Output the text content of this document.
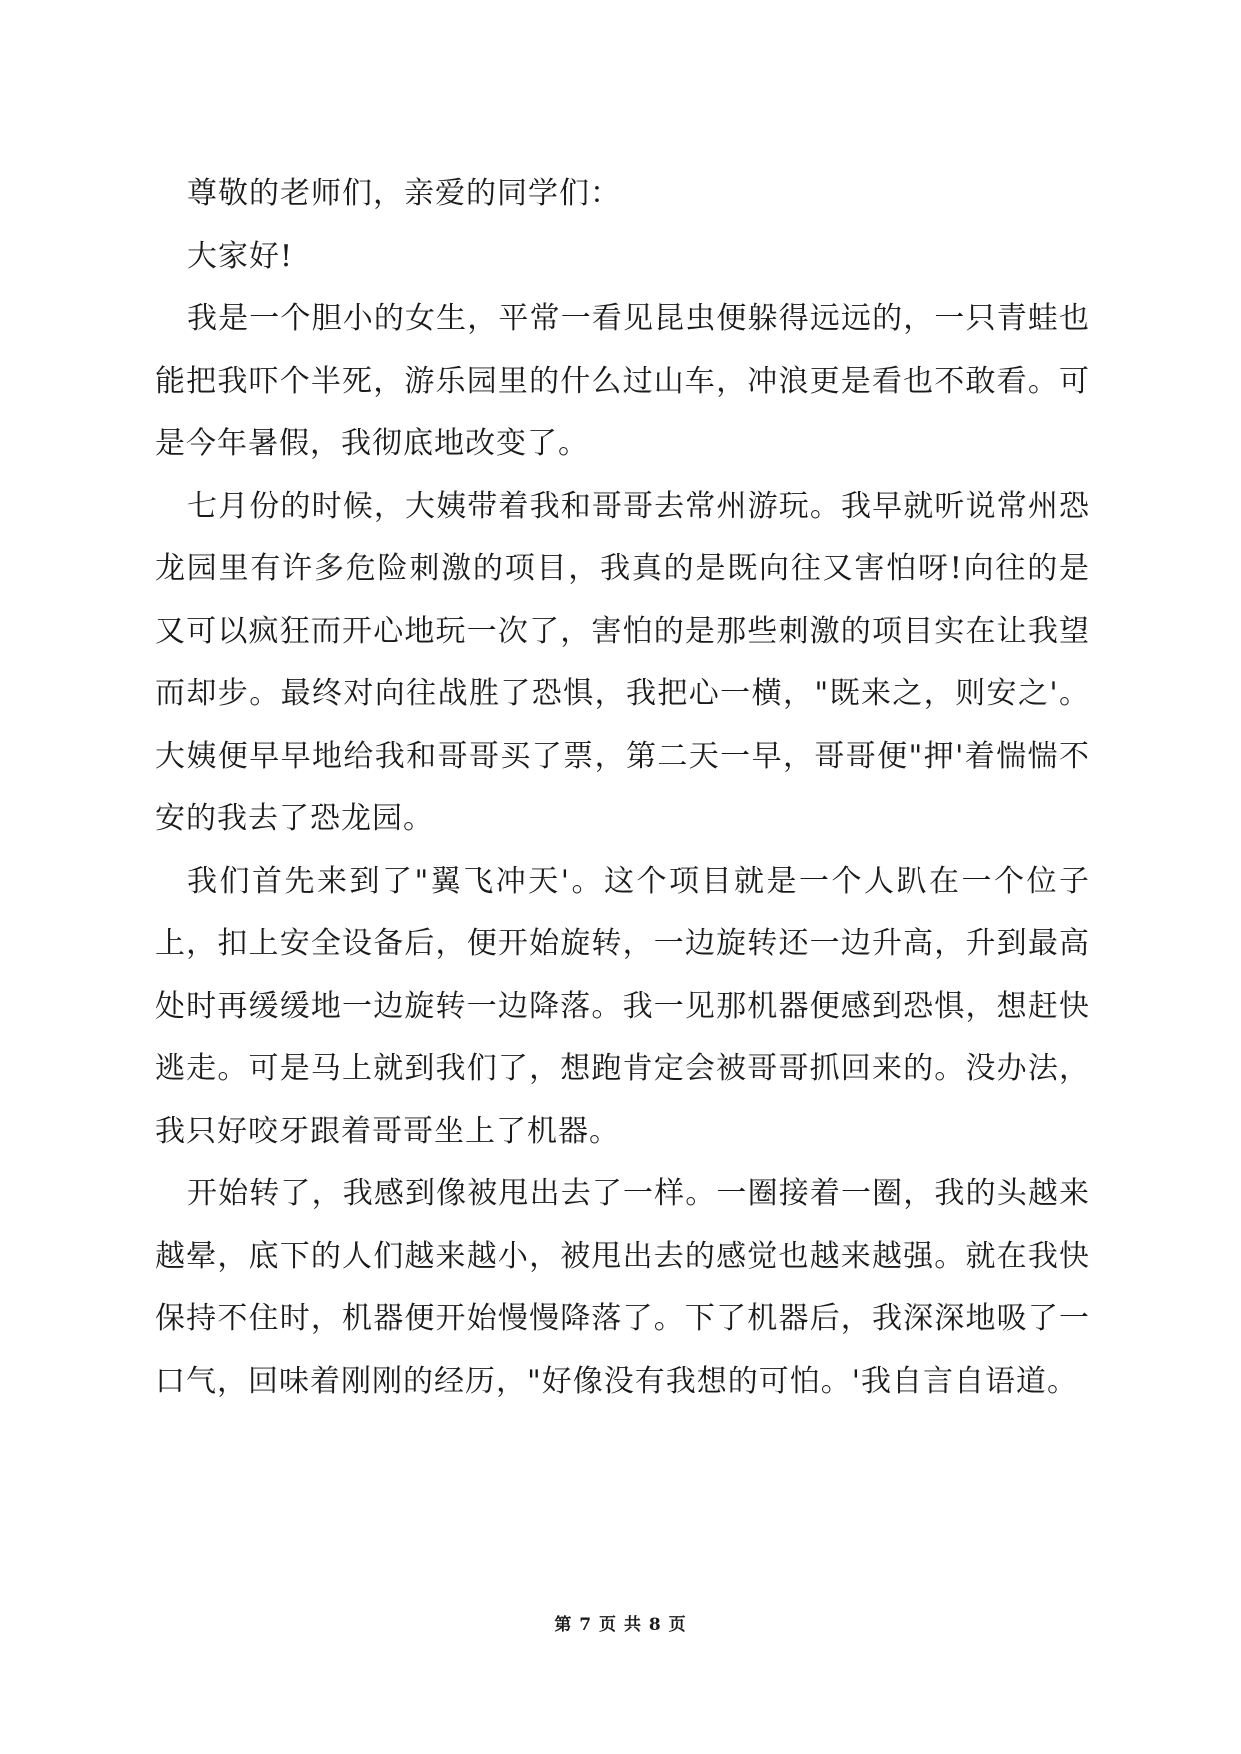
尊敬的老师们，亲爱的同学们：

大家好!

我是一个胆小的女生，平常一看见昆虫便躲得远远的，一只青蛙也能把我吓个半死，游乐园里的什么过山车，冲浪更是看也不敢看。可是今年暑假，我彻底地改变了。

七月份的时候，大姨带着我和哥哥去常州游玩。我早就听说常州恐龙园里有许多危险刺激的项目，我真的是既向往又害怕呀!向往的是又可以疯狂而开心地玩一次了，害怕的是那些刺激的项目实在让我望而却步。最终对向往战胜了恐惧，我把心一横，"既来之，则安之'。大姨便早早地给我和哥哥买了票，第二天一早，哥哥便"押'着惴惴不安的我去了恐龙园。

我们首先来到了"翼飞冲天'。这个项目就是一个人趴在一个位子上，扣上安全设备后，便开始旋转，一边旋转还一边升高，升到最高处时再缓缓地一边旋转一边降落。我一见那机器便感到恐惧，想赶快逃走。可是马上就到我们了，想跑肯定会被哥哥抓回来的。没办法，我只好咬牙跟着哥哥坐上了机器。

开始转了，我感到像被甩出去了一样。一圈接着一圈，我的头越来越晕，底下的人们越来越小，被甩出去的感觉也越来越强。就在我快保持不住时，机器便开始慢慢降落了。下了机器后，我深深地吸了一口气，回味着刚刚的经历，"好像没有我想的可怕。'我自言自语道。

第 7 页 共 8 页
